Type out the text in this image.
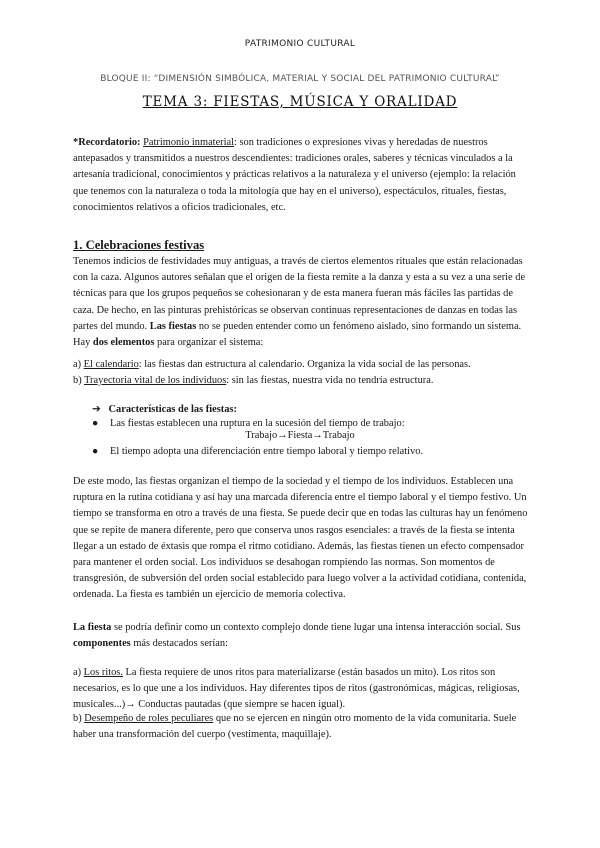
PATRIMONIO CULTURAL
BLOQUE II: “DIMENSIÓN SIMBÓLICA, MATERIAL Y SOCIAL DEL PATRIMONIO CULTURAL”
TEMA 3: FIESTAS, MÚSICA Y ORALIDAD

*Recordatorio: Patrimonio inmaterial: son tradiciones o expresiones vivas y heredadas de nuestros antepasados y transmitidos a nuestros descendientes: tradiciones orales, saberes y técnicas vinculados a la artesanía tradicional, conocimientos y prácticas relativos a la naturaleza y el universo (ejemplo: la relación que tenemos con la naturaleza o toda la mitología que hay en el universo), espectáculos, rituales, fiestas, conocimientos relativos a oficios tradicionales, etc.

1. Celebraciones festivas

Tenemos indicios de festividades muy antiguas, a través de ciertos elementos rituales que están relacionadas con la caza. Algunos autores señalan que el origen de la fiesta remite a la danza y esta a su vez a una serie de técnicas para que los grupos pequeños se cohesionaran y de esta manera fueran más fáciles las partidas de caza. De hecho, en las pinturas prehistóricas se observan continuas representaciones de danzas en todas las partes del mundo. Las fiestas no se pueden entender como un fenómeno aislado, sino formando un sistema. Hay dos elementos para organizar el sistema:

a) El calendario: las fiestas dan estructura al calendario. Organiza la vida social de las personas.

b) Trayectoria vital de los individuos: sin las fiestas, nuestra vida no tendría estructura.

➔ Características de las fiestas:
● Las fiestas establecen una ruptura en la sucesión del tiempo de trabajo:
Trabajo→Fiesta→Trabajo
● El tiempo adopta una diferenciación entre tiempo laboral y tiempo relativo.

De este modo, las fiestas organizan el tiempo de la sociedad y el tiempo de los individuos. Establecen una ruptura en la rutina cotidiana y así hay una marcada diferencia entre el tiempo laboral y el tiempo festivo. Un tiempo se transforma en otro a través de una fiesta. Se puede decir que en todas las culturas hay un fenómeno que se repite de manera diferente, pero que conserva unos rasgos esenciales: a través de la fiesta se intenta llegar a un estado de éxtasis que rompa el ritmo cotidiano. Además, las fiestas tienen un efecto compensador para mantener el orden social. Los individuos se desahogan rompiendo las normas. Son momentos de transgresión, de subversión del orden social establecido para luego volver a la actividad cotidiana, contenida, ordenada. La fiesta es también un ejercicio de memoria colectiva.

La fiesta se podría definir como un contexto complejo donde tiene lugar una intensa interacción social. Sus componentes más destacados serían:

a) Los ritos. La fiesta requiere de unos ritos para materializarse (están basados un mito). Los ritos son necesarios, es lo que une a los individuos. Hay diferentes tipos de ritos (gastronómicas, mágicas, religiosas, musicales...)→ Conductas pautadas (que siempre se hacen igual).

b) Desempeño de roles peculiares que no se ejercen en ningún otro momento de la vida comunitaria. Suele haber una transformación del cuerpo (vestimenta, maquillaje).
